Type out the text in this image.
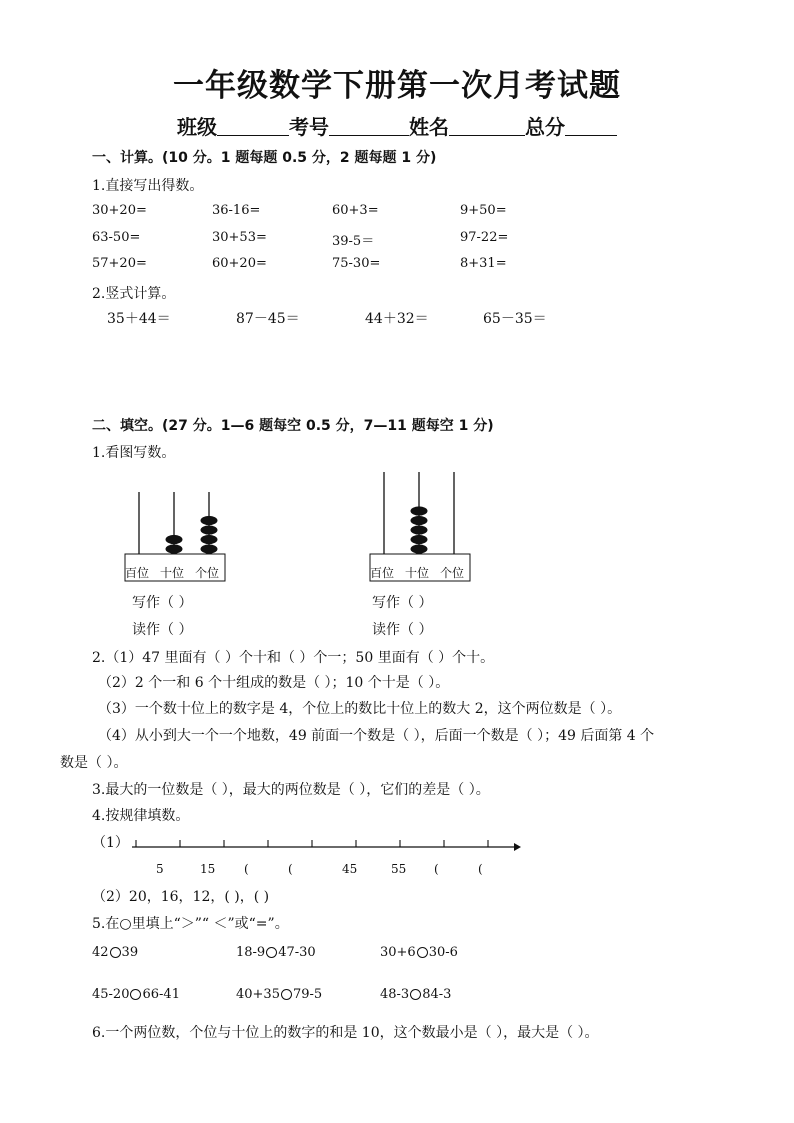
一年级数学下册第一次月考试题
班级	考号	姓名	总分
一、计算。(10 分。1 题每题 0.5 分，2 题每题 1 分)
1.直接写出得数。
30+20=	36-16=	60+3=	9+50=
63-50=	30+53=	39-5＝	97-22=
57+20=	60+20=	75-30=	8+31=
2.竖式计算。
35＋44＝	87－45＝	44＋32＝	65－35＝
二、填空。(27 分。1—6 题每空 0.5 分，7—11 题每空 1 分)
1.看图写数。
百位 十位 个位	百位 十位 个位
写作（ ）
读作（ ）
写作（ ）
读作（ ）
2.（1）47 里面有（ ）个十和（ ）个一；50 里面有（ ）个十。
（2）2 个一和 6 个十组成的数是（ ）；10 个十是（ ）。
（3）一个数十位上的数字是 4，个位上的数比十位上的数大 2，这个两位数是（ ）。
（4）从小到大一个一个地数，49 前面一个数是（ ），后面一个数是（ ）；49 后面第 4 个
数是（ ）。
3.最大的一位数是（ ），最大的两位数是（ ），它们的差是（ ）。
4.按规律填数。
（1）
5	15 (	(	45	55 (	(
（2）20，16，12，( )，( )
5.在○里填上“＞”“ ＜”或“=”。
42 39	18-9 47-30	30+6 30-6
45-20 66-41	40+35 79-5	48-3 84-3
6.一个两位数，个位与十位上的数字的和是 10，这个数最小是（ ），最大是（ ）。
